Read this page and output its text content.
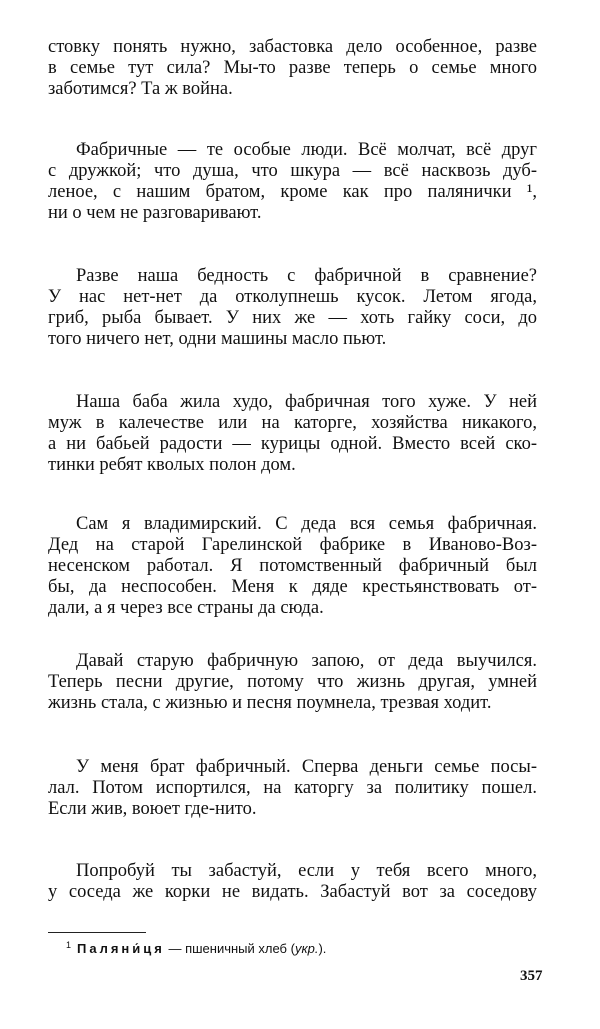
стовку понять нужно, забастовка дело особенное, разве
в семье тут сила? Мы-то разве теперь о семье много
заботимся? Та ж война.
Фабричные — те особые люди. Всё молчат, всё друг
с дружкой; что душа, что шкура — всё насквозь дуб-
леное, с нашим братом, кроме как про палянички ¹,
ни о чем не разговаривают.
Разве наша бедность с фабричной в сравнение?
У нас нет-нет да отколупнешь кусок. Летом ягода,
гриб, рыба бывает. У них же — хоть гайку соси, до
того ничего нет, одни машины масло пьют.
Наша баба жила худо, фабричная того хуже. У ней
муж в калечестве или на каторге, хозяйства никакого,
а ни бабьей радости — курицы одной. Вместо всей ско-
тинки ребят кволых полон дом.
Сам я владимирский. С деда вся семья фабричная.
Дед на старой Гарелинской фабрике в Иваново-Воз-
несенском работал. Я потомственный фабричный был
бы, да неспособен. Меня к дяде крестьянствовать от-
дали, а я через все страны да сюда.
Давай старую фабричную запою, от деда выучился.
Теперь песни другие, потому что жизнь другая, умней
жизнь стала, с жизнью и песня поумнела, трезвая ходит.
У меня брат фабричный. Сперва деньги семье посы-
лал. Потом испортился, на каторгу за политику пошел.
Если жив, воюет где-нито.
Попробуй ты забастуй, если у тебя всего много,
у соседа же корки не видать. Забастуй вот за соседову
$^1$ Паляни́ця — пшеничный хлеб (укр.).
357
